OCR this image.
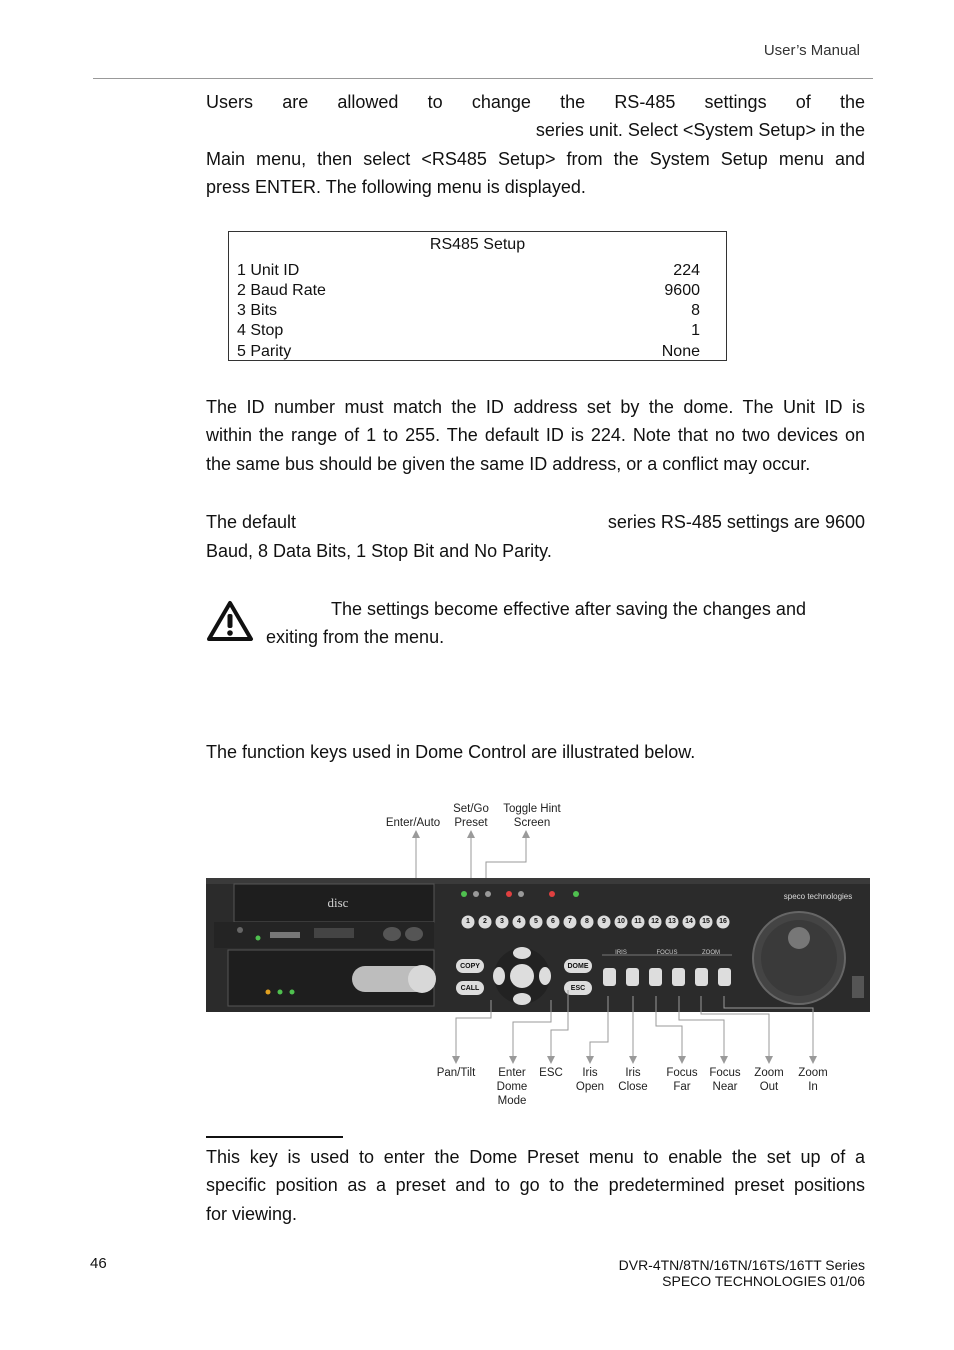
User’s Manual
Users are allowed to change the RS-485 settings of the
series unit. Select <System Setup> in the
Main menu, then select <RS485 Setup> from the System Setup menu and
press ENTER. The following menu is displayed.
RS485 Setup
1 Unit ID	224
2 Baud Rate	9600
3 Bits	8
4 Stop	1
5 Parity	None
The ID number must match the ID address set by the dome. The Unit ID is
within the range of 1 to 255. The default ID is 224. Note that no two devices on
the same bus should be given the same ID address, or a conflict may occur.
The default	series RS-485 settings are 9600
Baud, 8 Data Bits, 1 Stop Bit and No Parity.
The settings become effective after saving the changes and
exiting from the menu.
The function keys used in Dome Control are illustrated below.
Enter/Auto
Set/Go
Preset
Toggle Hint
Screen
disc	speco technologies
COPY
CALL
DOME
ESC
IRIS	FOCUS	ZOOM
1	2	3	4	5	6	7	8	9	10	11	12	13	14	15	16
Pan/Tilt	Enter
Dome
Mode
ESC	Iris
Open
Iris
Close
Focus
Far
Focus
Near
Zoom
Out
Zoom
In
This key is used to enter the Dome Preset menu to enable the set up of a
specific position as a preset and to go to the predetermined preset positions
for viewing.
46	DVR-4TN/8TN/16TN/16TS/16TT Series
SPECO TECHNOLOGIES 01/06
